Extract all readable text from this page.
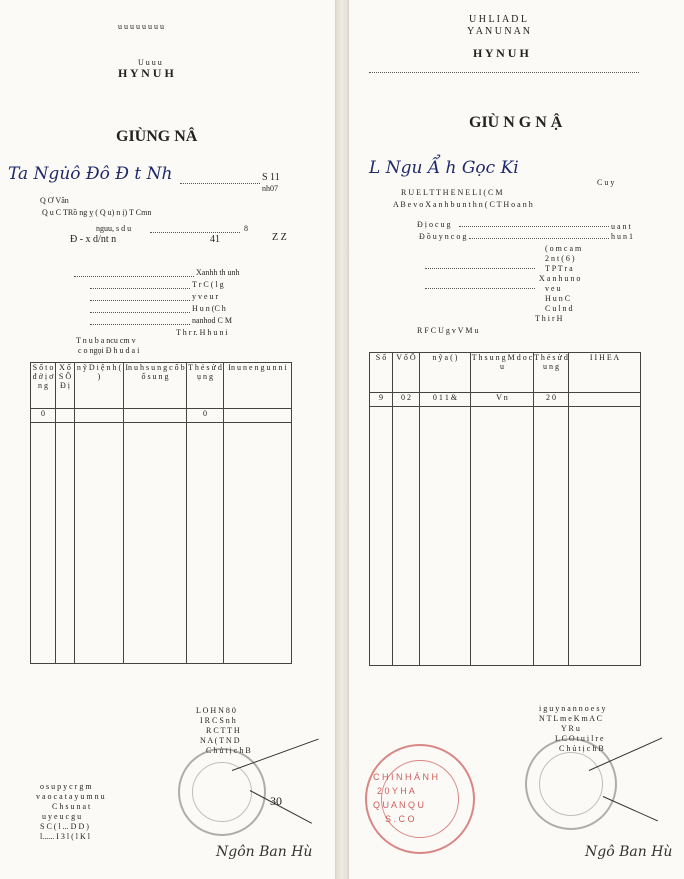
u u u u u u u u
U u u u
H Y N U H
GIÙNG NÂ
Ta Ngu̇ô Đô Đ t Nh	S 11
nh07
Q Ơ Vân
Q u C TRồ ng ỵ ( Q u) n ị) T Cmn
nguu, s d u	8
Đ - x d/nt n	41	Z Z
Xanhh th unh
T r C ( l g
y v e u r
H u n (C h
nanhod C M
T h r r. H h u n i
T n u b a ncu cm v
c o ngọi Đ h u d a i
S ố t o đ ở ị ơ n g	X ố S Ô Đ ị	n ỹ D i ệ n h ( )	In u h s u n g c ố b ố s u n g	T h ẻ s ử d ụ n g	In u n e n g u n n i
0				0	

L O H N 8 0
I R C S n h
R C T T H
N A ( T N D
C h ủ t ị c h B
o s u p y c r g m
v a o c a t a y u m n u
C h s u n a t
u y e u c g u
S C ( l ... D D )
l...... I 3 l ( l K l
30
Ngôn Ban Hù
U H L I A D L
Y A N U N A N
H Y N U H
GIÙ N G N Ậ
L Ngu Ẩ h Gọc Ki
C u y
R U E L T T H E N E L I ( C M
A B e v o X a n h b u n t h n ( C T H o a n h
Đ ị o c u g	u a n t
Đ ồ u y n c o g	h u n 1
( o m c a m
2 n t ( 6 )
T P T r a
X a n h u n o
v e u
H u n C
C u l n d
T h i r H
R F C U g v V M u
S ố	V ố Ô	n ỹ a ( )	T h s u n g M d o c u	T h ẻ s ử d u n g	I I H E A
9	0 2	0 1 1 &	V n	2 0	

i g u y n a n n o e s y
N T L m e K m A C
Y R u
L C O t u i l r e
C h ủ t ị c h B
C H I N H Á N H
2 0 Y H A
Q U A N Q U
S . C O
Ngô Ban Hù
